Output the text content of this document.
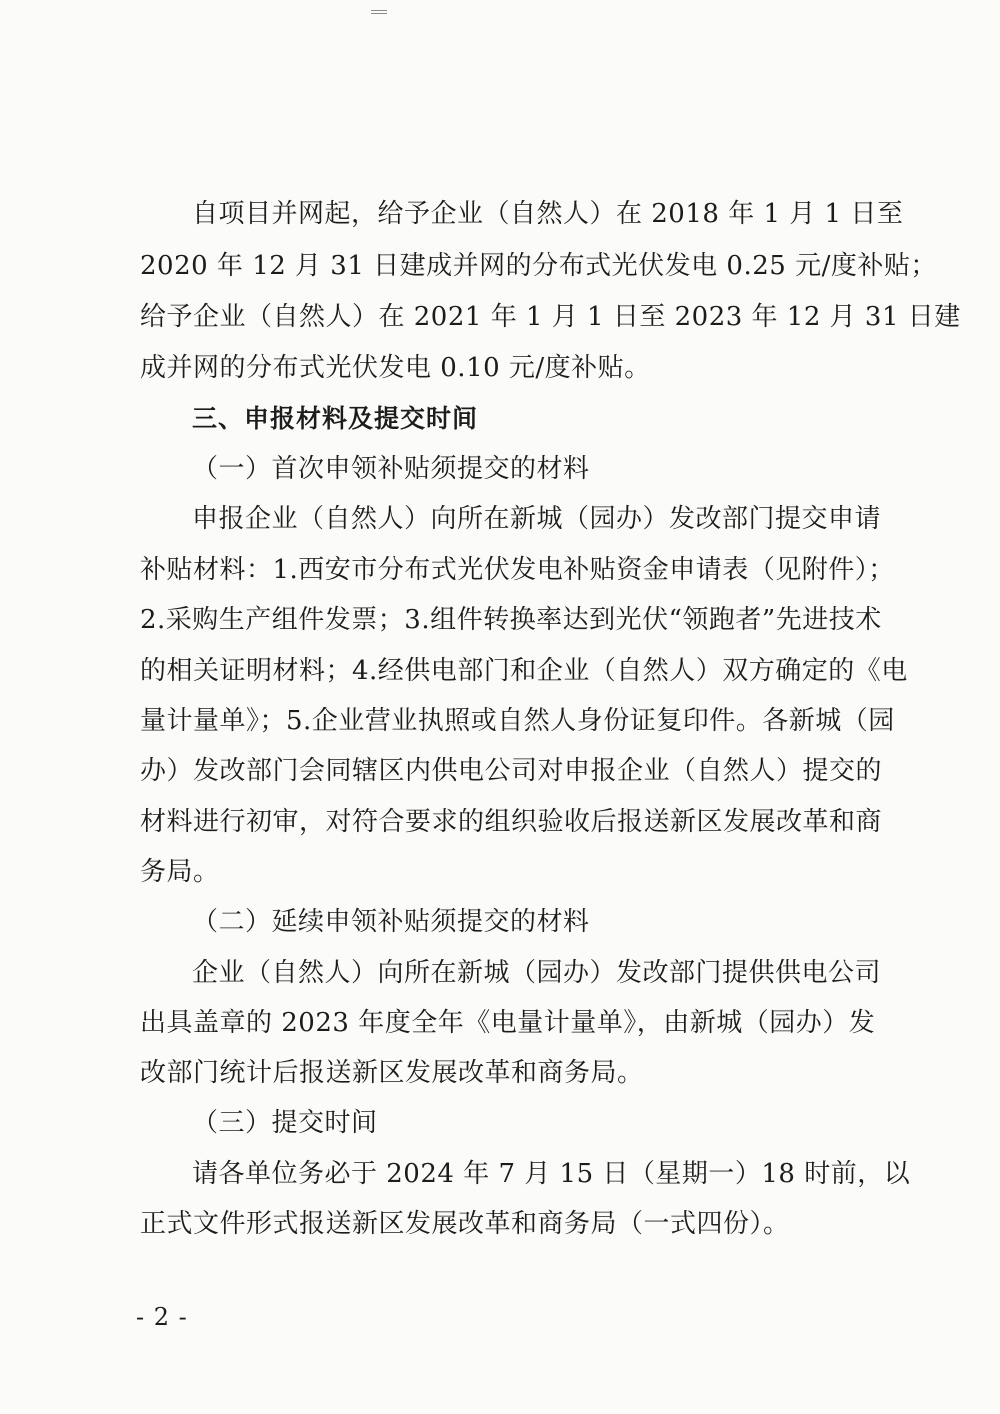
自项目并网起，给予企业（自然人）在 2018 年 1 月 1 日至
2020 年 12 月 31 日建成并网的分布式光伏发电 0.25 元/度补贴；
给予企业（自然人）在 2021 年 1 月 1 日至 2023 年 12 月 31 日建
成并网的分布式光伏发电 0.10 元/度补贴。
三、申报材料及提交时间
（一）首次申领补贴须提交的材料
申报企业（自然人）向所在新城（园办）发改部门提交申请
补贴材料：1.西安市分布式光伏发电补贴资金申请表（见附件）；
2.采购生产组件发票；3.组件转换率达到光伏“领跑者”先进技术
的相关证明材料；4.经供电部门和企业（自然人）双方确定的《电
量计量单》；5.企业营业执照或自然人身份证复印件。各新城（园
办）发改部门会同辖区内供电公司对申报企业（自然人）提交的
材料进行初审，对符合要求的组织验收后报送新区发展改革和商
务局。
（二）延续申领补贴须提交的材料
企业（自然人）向所在新城（园办）发改部门提供供电公司
出具盖章的 2023 年度全年《电量计量单》，由新城（园办）发
改部门统计后报送新区发展改革和商务局。
（三）提交时间
请各单位务必于 2024 年 7 月 15 日（星期一）18 时前，以
正式文件形式报送新区发展改革和商务局（一式四份）。
- 2 -
